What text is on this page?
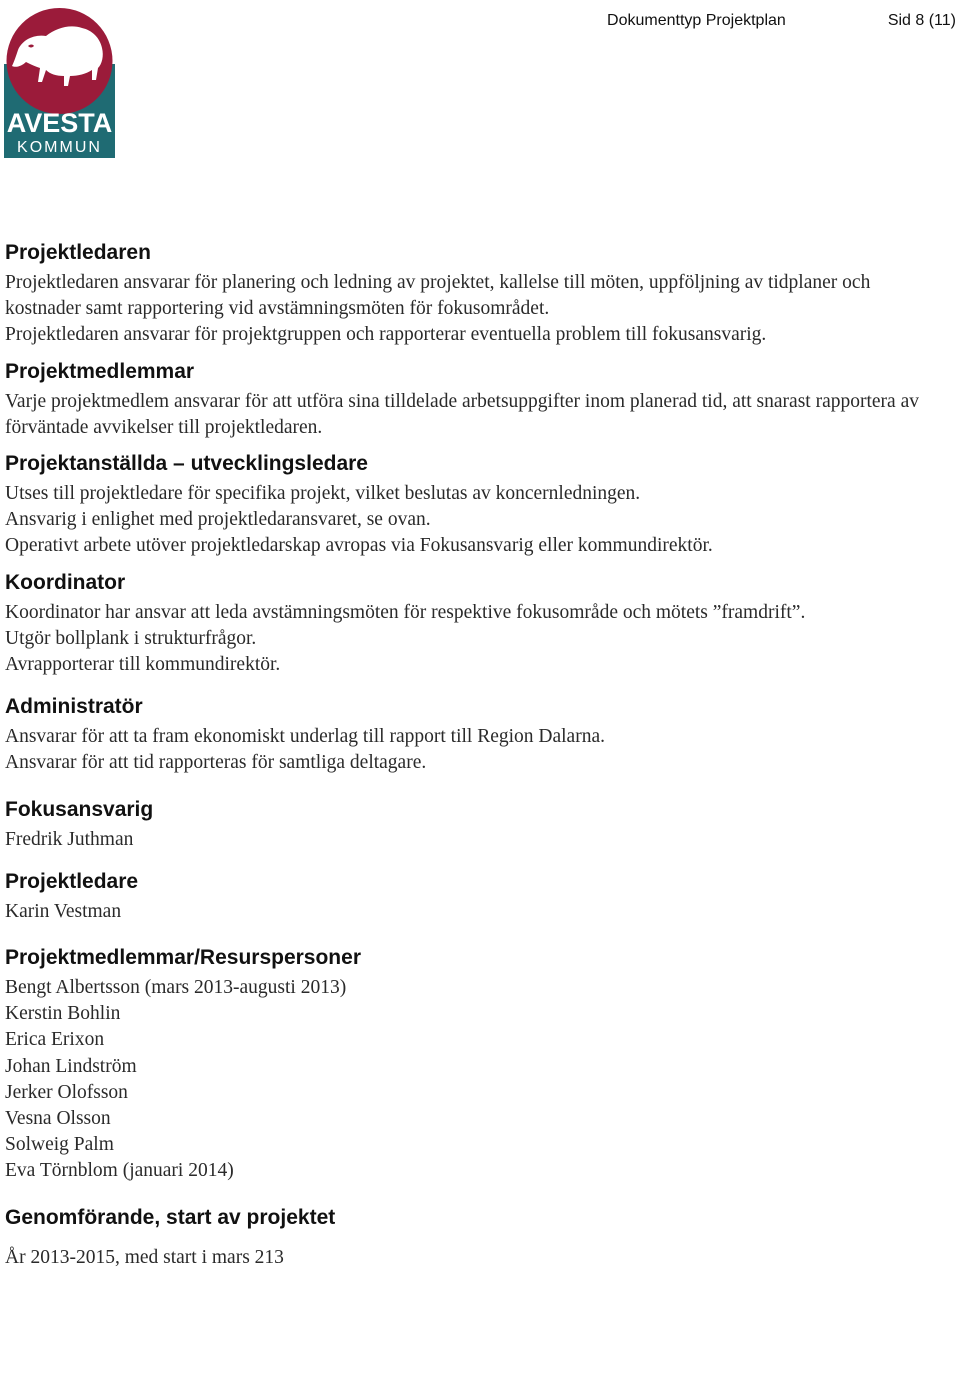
AVESTA
KOMMUN
Dokumenttyp Projektplan	Sid 8 (11)
Projektledaren

Projektledaren ansvarar för planering och ledning av projektet, kallelse till möten, uppföljning av tidplaner och kostnader samt rapportering vid avstämningsmöten för fokusområdet.

Projektledaren ansvarar för projektgruppen och rapporterar eventuella problem till fokusansvarig.

Projektmedlemmar

Varje projektmedlem ansvarar för att utföra sina tilldelade arbetsuppgifter inom planerad tid, att snarast rapportera av förväntade avvikelser till projektledaren.

Projektanställda – utvecklingsledare

Utses till projektledare för specifika projekt, vilket beslutas av koncernledningen.

Ansvarig i enlighet med projektledaransvaret, se ovan.

Operativt arbete utöver projektledarskap avropas via Fokusansvarig eller kommundirektör.

Koordinator

Koordinator har ansvar att leda avstämningsmöten för respektive fokusområde och mötets ”framdrift”.

Utgör bollplank i strukturfrågor.

Avrapporterar till kommundirektör.

Administratör

Ansvarar för att ta fram ekonomiskt underlag till rapport till Region Dalarna.

Ansvarar för att tid rapporteras för samtliga deltagare.

Fokusansvarig

Fredrik Juthman

Projektledare

Karin Vestman

Projektmedlemmar/Resurspersoner

Bengt Albertsson (mars 2013-augusti 2013)

Kerstin Bohlin

Erica Erixon

Johan Lindström

Jerker Olofsson

Vesna Olsson

Solweig Palm

Eva Törnblom (januari 2014)

Genomförande, start av projektet

År 2013-2015, med start i mars 213
